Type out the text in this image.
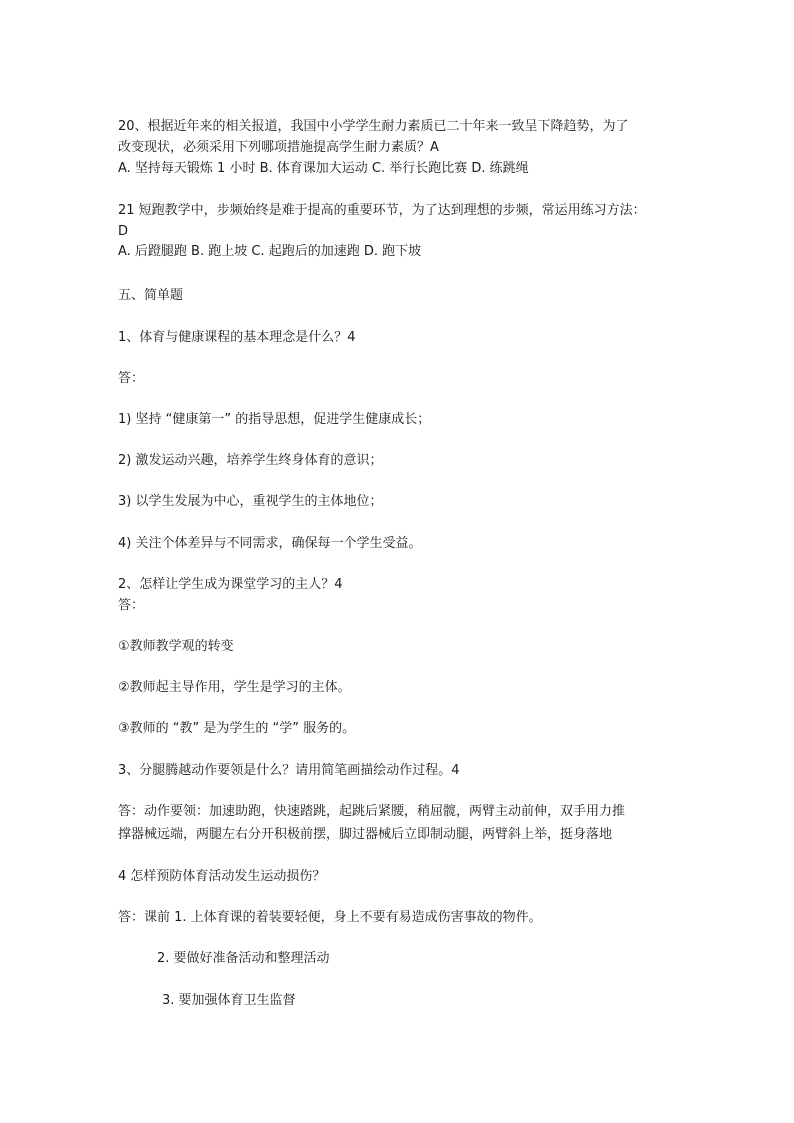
20、根据近年来的相关报道，我国中小学学生耐力素质已二十年来一致呈下降趋势，为了
改变现状，必须采用下列哪项措施提高学生耐力素质？A
A. 坚持每天锻炼 1 小时 B. 体育课加大运动 C. 举行长跑比赛 D. 练跳绳
21 短跑教学中，步频始终是难于提高的重要环节，为了达到理想的步频，常运用练习方法：
D
A. 后蹬腿跑 B. 跑上坡 C. 起跑后的加速跑 D. 跑下坡
五、简单题
1、体育与健康课程的基本理念是什么？4
答：
1) 坚持 “健康第一” 的指导思想，促进学生健康成长；
2) 激发运动兴趣，培养学生终身体育的意识；
3) 以学生发展为中心，重视学生的主体地位；
4) 关注个体差异与不同需求，确保每一个学生受益。
2、怎样让学生成为课堂学习的主人？4
答：
①教师教学观的转变
②教师起主导作用，学生是学习的主体。
③教师的 “教” 是为学生的 “学” 服务的。
3、分腿腾越动作要领是什么？请用简笔画描绘动作过程。4
答：动作要领：加速助跑，快速踏跳，起跳后紧腰，稍屈髋，两臂主动前伸，双手用力推
撑器械远端，两腿左右分开积极前摆，脚过器械后立即制动腿，两臂斜上举，挺身落地
4 怎样预防体育活动发生运动损伤？
答：课前 1. 上体育课的着装要轻便，身上不要有易造成伤害事故的物件。
2. 要做好准备活动和整理活动
3. 要加强体育卫生监督
